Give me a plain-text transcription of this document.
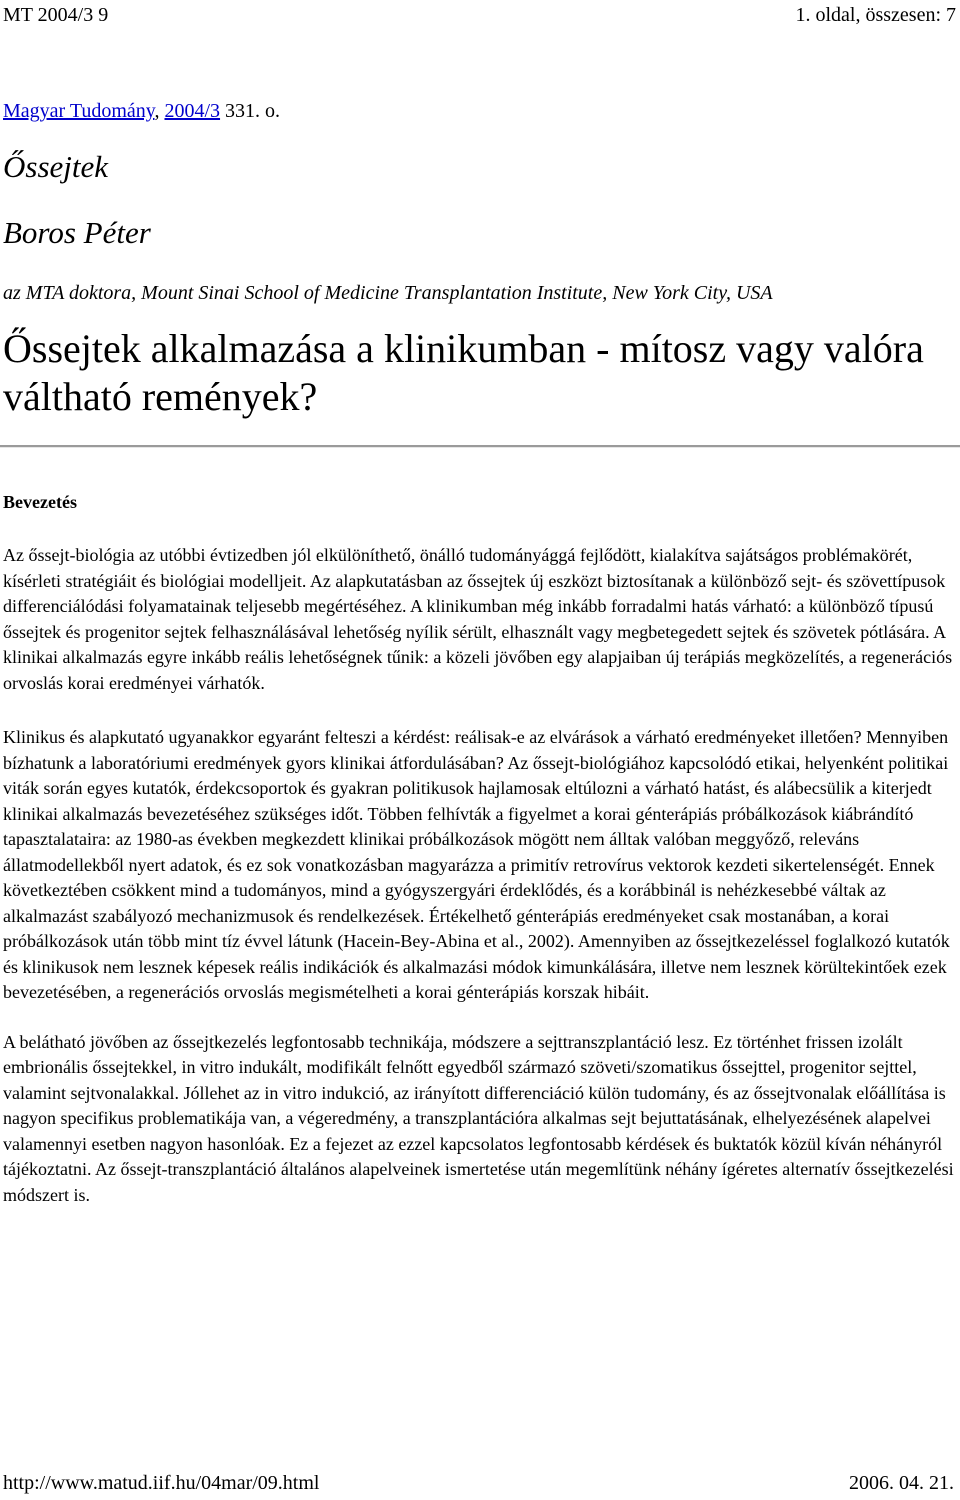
MT 2004/3 9	1. oldal, összesen: 7

Magyar Tudomány, 2004/3 331. o.

Őssejtek

Boros Péter

az MTA doktora, Mount Sinai School of Medicine Transplantation Institute, New York City, USA

Őssejtek alkalmazása a klinikumban - mítosz vagy valóra váltható remények?

Bevezetés

Az őssejt-biológia az utóbbi évtizedben jól elkülöníthető, önálló tudományággá fejlődött, kialakítva sajátságos problémakörét, kísérleti stratégiáit és biológiai modelljeit. Az alapkutatásban az őssejtek új eszközt biztosítanak a különböző sejt- és szövettípusok differenciálódási folyamatainak teljesebb megértéséhez. A klinikumban még inkább forradalmi hatás várható: a különböző típusú őssejtek és progenitor sejtek felhasználásával lehetőség nyílik sérült, elhasznált vagy megbetegedett sejtek és szövetek pótlására. A klinikai alkalmazás egyre inkább reális lehetőségnek tűnik: a közeli jövőben egy alapjaiban új terápiás megközelítés, a regenerációs orvoslás korai eredményei várhatók.

Klinikus és alapkutató ugyanakkor egyaránt felteszi a kérdést: reálisak-e az elvárások a várható eredményeket illetően? Mennyiben bízhatunk a laboratóriumi eredmények gyors klinikai átfordulásában? Az őssejt-biológiához kapcsolódó etikai, helyenként politikai viták során egyes kutatók, érdekcsoportok és gyakran politikusok hajlamosak eltúlozni a várható hatást, és alábecsülik a kiterjedt klinikai alkalmazás bevezetéséhez szükséges időt. Többen felhívták a figyelmet a korai génterápiás próbálkozások kiábrándító tapasztalataira: az 1980-as években megkezdett klinikai próbálkozások mögött nem álltak valóban meggyőző, releváns állatmodellekből nyert adatok, és ez sok vonatkozásban magyarázza a primitív retrovírus vektorok kezdeti sikertelenségét. Ennek következtében csökkent mind a tudományos, mind a gyógyszergyári érdeklődés, és a korábbinál is nehézkesebbé váltak az alkalmazást szabályozó mechanizmusok és rendelkezések. Értékelhető génterápiás eredményeket csak mostanában, a korai próbálkozások után több mint tíz évvel látunk (Hacein-Bey-Abina et al., 2002). Amennyiben az őssejtkezeléssel foglalkozó kutatók és klinikusok nem lesznek képesek reális indikációk és alkalmazási módok kimunkálására, illetve nem lesznek körültekintőek ezek bevezetésében, a regenerációs orvoslás megismételheti a korai génterápiás korszak hibáit.

A belátható jövőben az őssejtkezelés legfontosabb technikája, módszere a sejttranszplantáció lesz. Ez történhet frissen izolált embrionális őssejtekkel, in vitro indukált, modifikált felnőtt egyedből származó szöveti/szomatikus őssejttel, progenitor sejttel, valamint sejtvonalakkal. Jóllehet az in vitro indukció, az irányított differenciáció külön tudomány, és az őssejtvonalak előállítása is nagyon specifikus problematikája van, a végeredmény, a transzplantációra alkalmas sejt bejuttatásának, elhelyezésének alapelvei valamennyi esetben nagyon hasonlóak. Ez a fejezet az ezzel kapcsolatos legfontosabb kérdések és buktatók közül kíván néhányról tájékoztatni. Az őssejt-transzplantáció általános alapelveinek ismertetése után megemlítünk néhány ígéretes alternatív őssejtkezelési módszert is.

http://www.matud.iif.hu/04mar/09.html	2006. 04. 21.
